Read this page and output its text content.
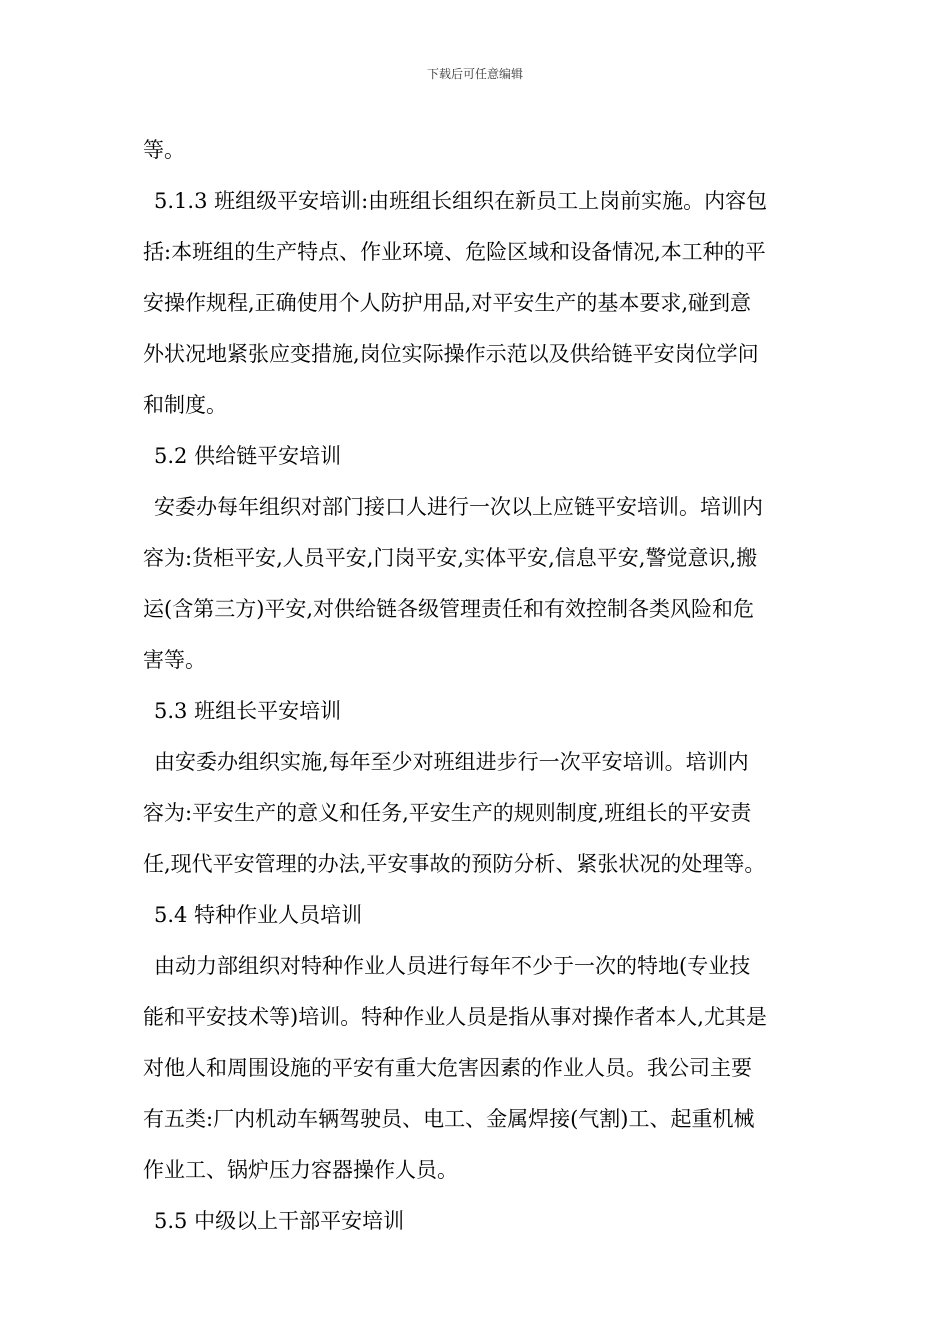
下载后可任意编辑

等。

5.1.3 班组级平安培训:由班组长组织在新员工上岗前实施。内容包

括:本班组的生产特点、作业环境、危险区域和设备情况,本工种的平

安操作规程,正确使用个人防护用品,对平安生产的基本要求,碰到意

外状况地紧张应变措施,岗位实际操作示范以及供给链平安岗位学问

和制度。

5.2 供给链平安培训

安委办每年组织对部门接口人进行一次以上应链平安培训。培训内

容为:货柜平安,人员平安,门岗平安,实体平安,信息平安,警觉意识,搬

运(含第三方)平安,对供给链各级管理责任和有效控制各类风险和危

害等。

5.3 班组长平安培训

由安委办组织实施,每年至少对班组进步行一次平安培训。培训内

容为:平安生产的意义和任务,平安生产的规则制度,班组长的平安责

任,现代平安管理的办法,平安事故的预防分析、紧张状况的处理等。

5.4 特种作业人员培训

由动力部组织对特种作业人员进行每年不少于一次的特地(专业技

能和平安技术等)培训。特种作业人员是指从事对操作者本人,尤其是

对他人和周围设施的平安有重大危害因素的作业人员。我公司主要

有五类:厂内机动车辆驾驶员、电工、金属焊接(气割)工、起重机械

作业工、锅炉压力容器操作人员。

5.5 中级以上干部平安培训
